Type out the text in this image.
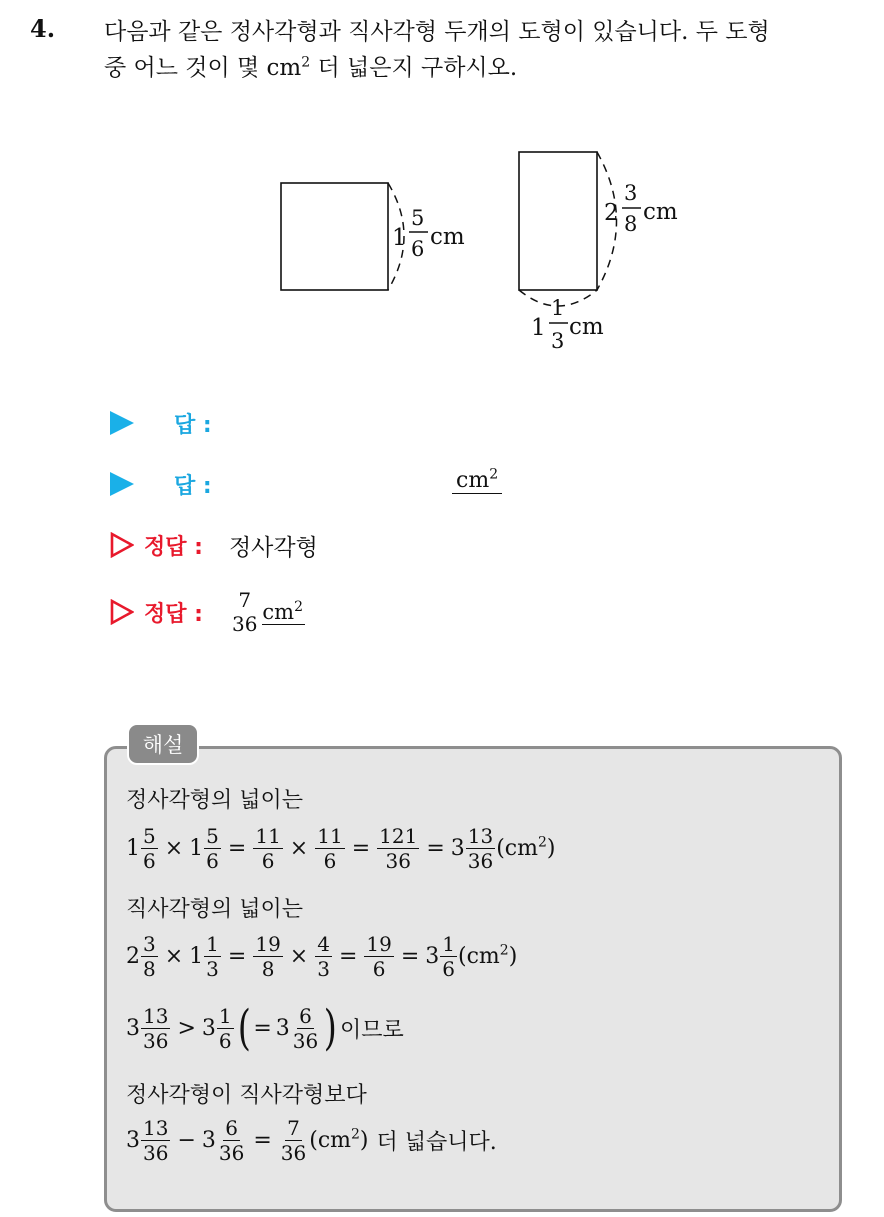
4. 다음과 같은 정사각형과 직사각형 두개의 도형이 있습니다. 두 도형
중 어느 것이 몇 $cm^2$ 더 넓은지 구하시오.
1
5
6 cm
2
3
8 cm
1
1
3
cm
답 :
답 :	$cm^2$
정답 : 정사각형
정답 :
7
36
$cm^2$
해설
정사각형의 넓이는
$1 \frac{5}{6} \times 1 \frac{5}{6} = \frac{11}{6} \times \frac{11}{6} = \frac{121}{36} = 3 \frac{13}{36} (cm^2)$
직사각형의 넓이는
$2 \frac{3}{8} \times 1 \frac{1}{3} = \frac{19}{8} \times \frac{4}{3} = \frac{19}{6} = 3 \frac{1}{6} (cm^2)$
$3 \frac{13}{36} > 3 \frac{1}{6}$ ( = $3 \frac{6}{36}$ ) 이므로
정사각형이 직사각형보다
$3 \frac{13}{36} - 3 \frac{6}{36} = \frac{7}{36} (cm^2)$ 더 넓습니다.
